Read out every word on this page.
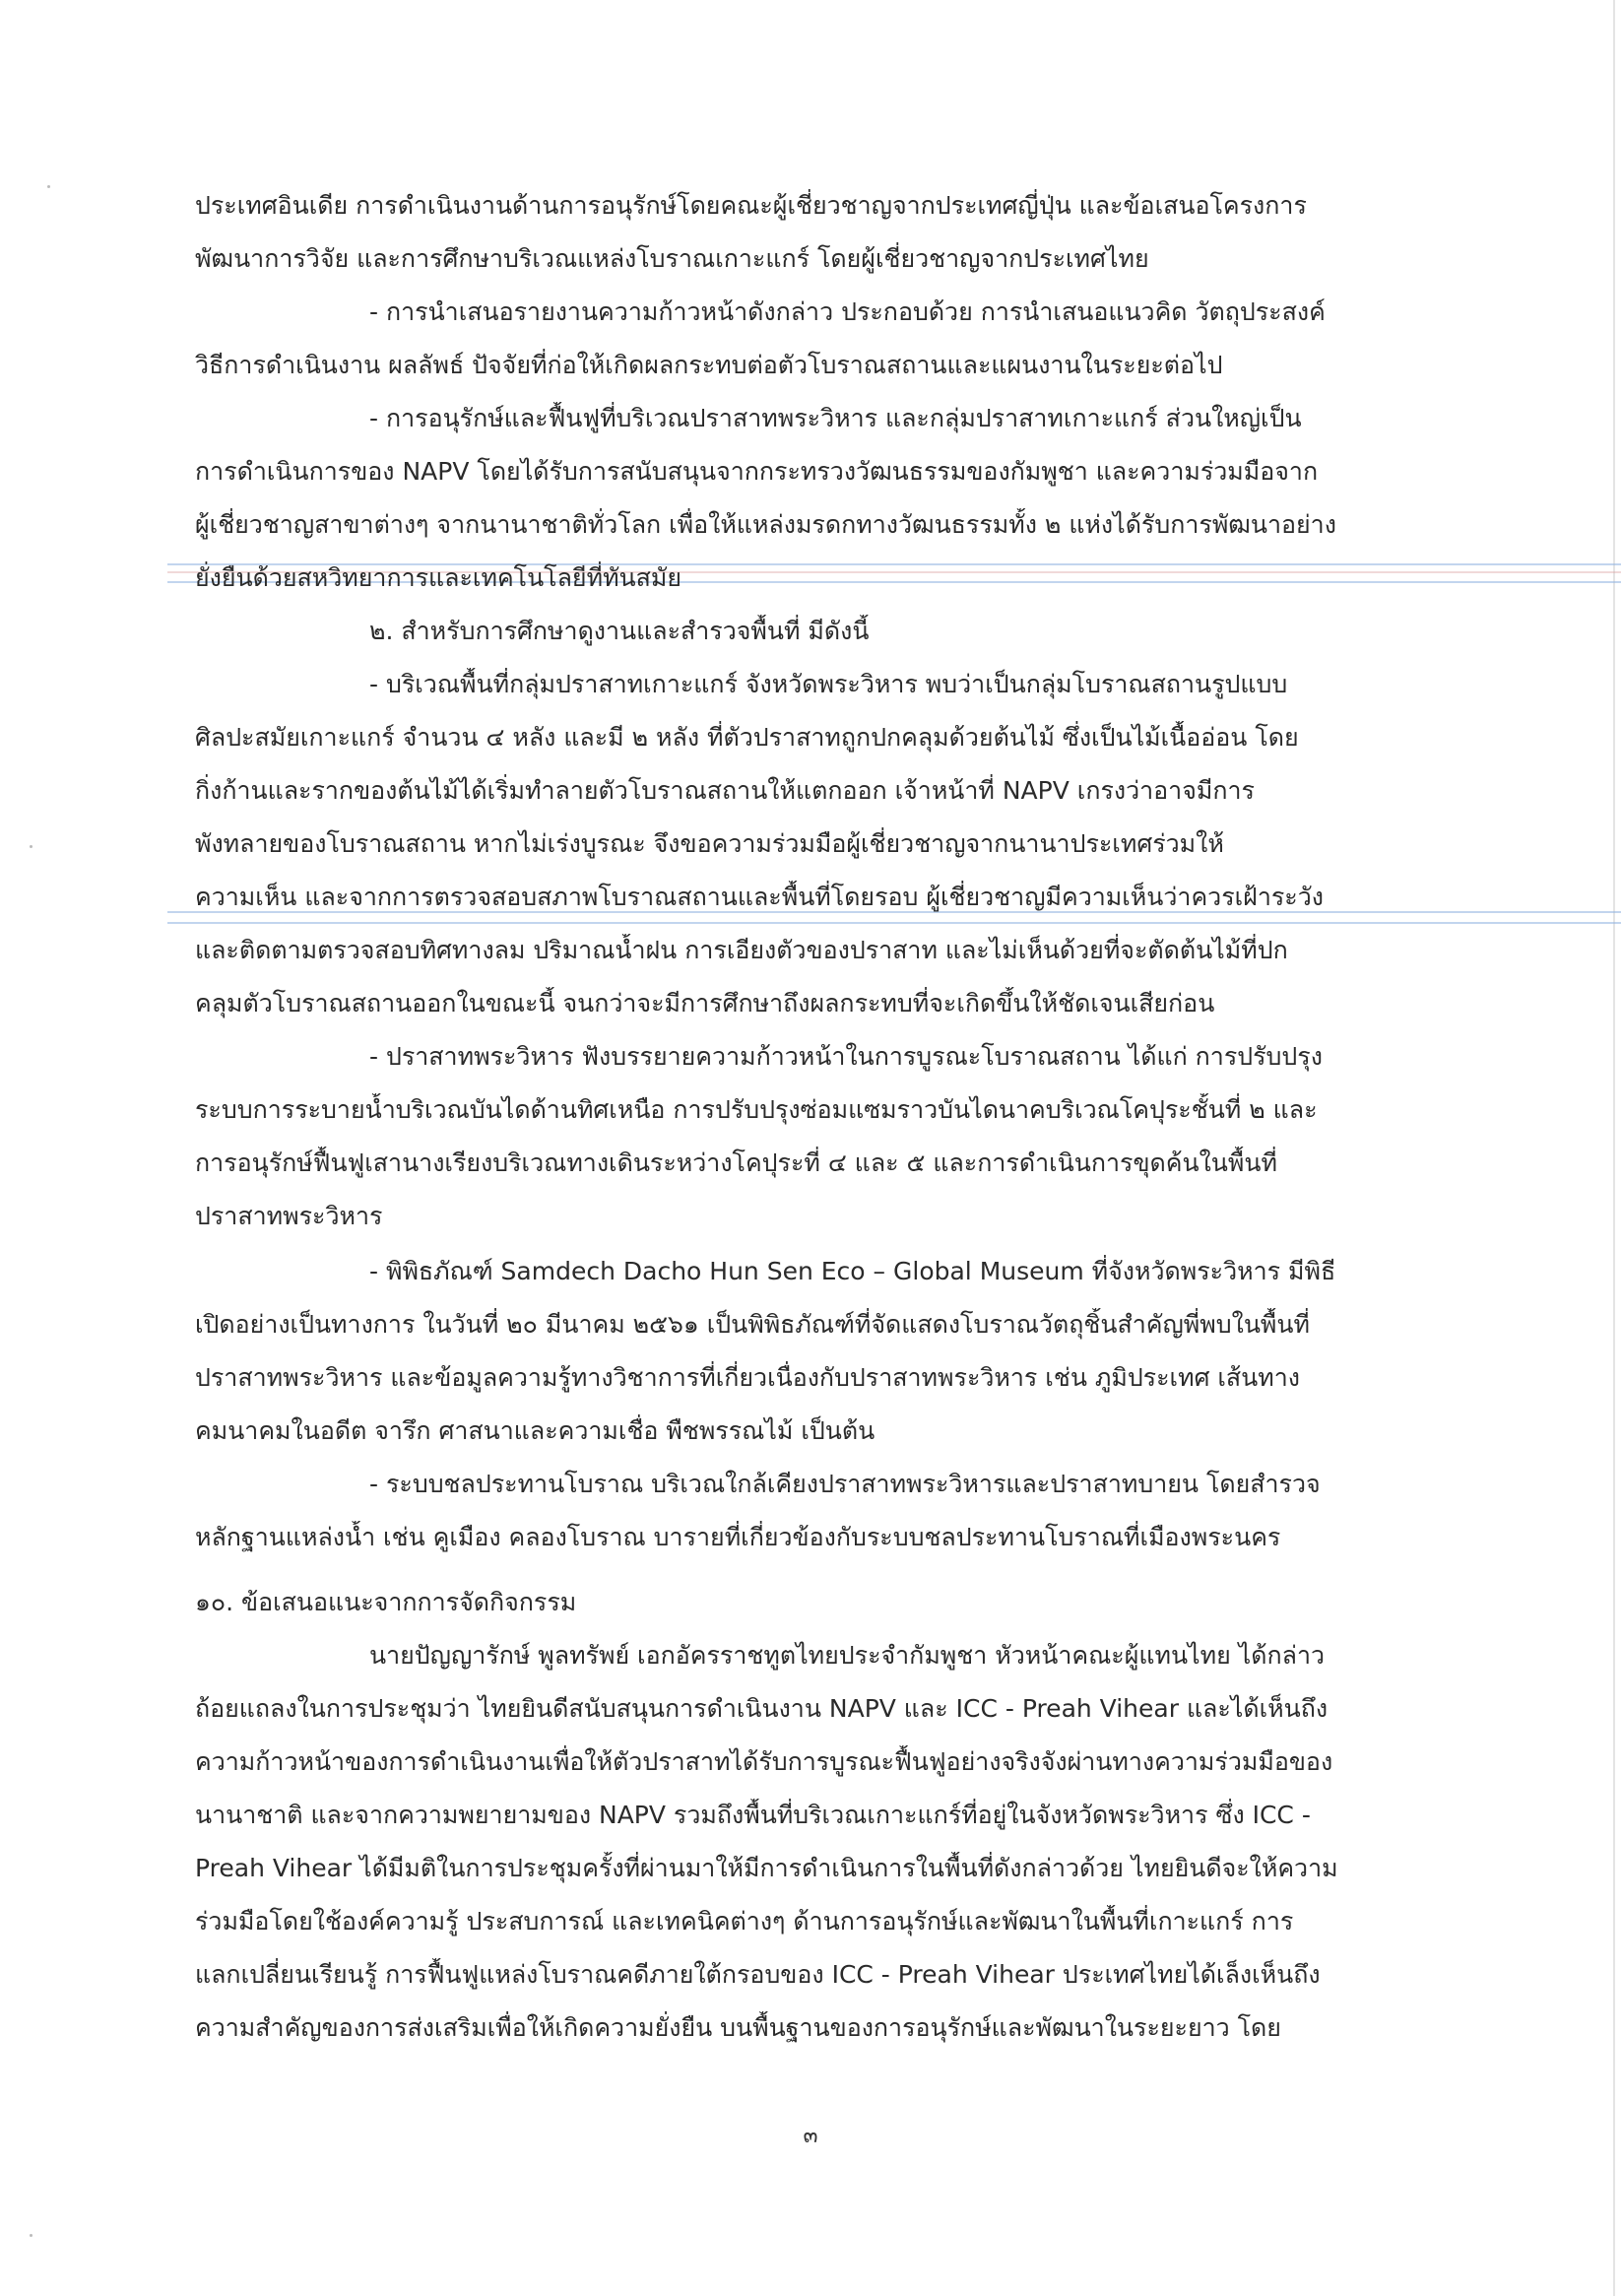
ประเทศอินเดีย การดำเนินงานด้านการอนุรักษ์โดยคณะผู้เชี่ยวชาญจากประเทศญี่ปุ่น และข้อเสนอโครงการ
พัฒนาการวิจัย และการศึกษาบริเวณแหล่งโบราณเกาะแกร์ โดยผู้เชี่ยวชาญจากประเทศไทย
- การนำเสนอรายงานความก้าวหน้าดังกล่าว ประกอบด้วย การนำเสนอแนวคิด วัตถุประสงค์
วิธีการดำเนินงาน ผลลัพธ์ ปัจจัยที่ก่อให้เกิดผลกระทบต่อตัวโบราณสถานและแผนงานในระยะต่อไป
- การอนุรักษ์และฟื้นฟูที่บริเวณปราสาทพระวิหาร และกลุ่มปราสาทเกาะแกร์ ส่วนใหญ่เป็น
การดำเนินการของ NAPV โดยได้รับการสนับสนุนจากกระทรวงวัฒนธรรมของกัมพูชา และความร่วมมือจาก
ผู้เชี่ยวชาญสาขาต่างๆ จากนานาชาติทั่วโลก เพื่อให้แหล่งมรดกทางวัฒนธรรมทั้ง ๒ แห่งได้รับการพัฒนาอย่าง
ยั่งยืนด้วยสหวิทยาการและเทคโนโลยีที่ทันสมัย
๒. สำหรับการศึกษาดูงานและสำรวจพื้นที่ มีดังนี้
- บริเวณพื้นที่กลุ่มปราสาทเกาะแกร์ จังหวัดพระวิหาร พบว่าเป็นกลุ่มโบราณสถานรูปแบบ
ศิลปะสมัยเกาะแกร์ จำนวน ๔ หลัง และมี ๒ หลัง ที่ตัวปราสาทถูกปกคลุมด้วยต้นไม้ ซึ่งเป็นไม้เนื้ออ่อน โดย
กิ่งก้านและรากของต้นไม้ได้เริ่มทำลายตัวโบราณสถานให้แตกออก เจ้าหน้าที่ NAPV เกรงว่าอาจมีการ
พังทลายของโบราณสถาน หากไม่เร่งบูรณะ จึงขอความร่วมมือผู้เชี่ยวชาญจากนานาประเทศร่วมให้
ความเห็น และจากการตรวจสอบสภาพโบราณสถานและพื้นที่โดยรอบ ผู้เชี่ยวชาญมีความเห็นว่าควรเฝ้าระวัง
และติดตามตรวจสอบทิศทางลม ปริมาณน้ำฝน การเอียงตัวของปราสาท และไม่เห็นด้วยที่จะตัดต้นไม้ที่ปก
คลุมตัวโบราณสถานออกในขณะนี้ จนกว่าจะมีการศึกษาถึงผลกระทบที่จะเกิดขึ้นให้ชัดเจนเสียก่อน
- ปราสาทพระวิหาร ฟังบรรยายความก้าวหน้าในการบูรณะโบราณสถาน ได้แก่ การปรับปรุง
ระบบการระบายน้ำบริเวณบันไดด้านทิศเหนือ การปรับปรุงซ่อมแซมราวบันไดนาคบริเวณโคปุระชั้นที่ ๒ และ
การอนุรักษ์ฟื้นฟูเสานางเรียงบริเวณทางเดินระหว่างโคปุระที่ ๔ และ ๕ และการดำเนินการขุดค้นในพื้นที่
ปราสาทพระวิหาร
- พิพิธภัณฑ์ Samdech Dacho Hun Sen Eco – Global Museum ที่จังหวัดพระวิหาร มีพิธี
เปิดอย่างเป็นทางการ ในวันที่ ๒๐ มีนาคม ๒๕๖๑ เป็นพิพิธภัณฑ์ที่จัดแสดงโบราณวัตถุชิ้นสำคัญพี่พบในพื้นที่
ปราสาทพระวิหาร และข้อมูลความรู้ทางวิชาการที่เกี่ยวเนื่องกับปราสาทพระวิหาร เช่น ภูมิประเทศ เส้นทาง
คมนาคมในอดีต จารึก ศาสนาและความเชื่อ พืชพรรณไม้ เป็นต้น
- ระบบชลประทานโบราณ บริเวณใกล้เคียงปราสาทพระวิหารและปราสาทบายน โดยสำรวจ
หลักฐานแหล่งน้ำ เช่น คูเมือง คลองโบราณ บารายที่เกี่ยวข้องกับระบบชลประทานโบราณที่เมืองพระนคร
๑๐. ข้อเสนอแนะจากการจัดกิจกรรม
นายปัญญารักษ์ พูลทรัพย์ เอกอัครราชทูตไทยประจำกัมพูชา หัวหน้าคณะผู้แทนไทย ได้กล่าว
ถ้อยแถลงในการประชุมว่า ไทยยินดีสนับสนุนการดำเนินงาน NAPV และ ICC - Preah Vihear และได้เห็นถึง
ความก้าวหน้าของการดำเนินงานเพื่อให้ตัวปราสาทได้รับการบูรณะฟื้นฟูอย่างจริงจังผ่านทางความร่วมมือของ
นานาชาติ และจากความพยายามของ NAPV รวมถึงพื้นที่บริเวณเกาะแกร์ที่อยู่ในจังหวัดพระวิหาร ซึ่ง ICC -
Preah Vihear ได้มีมติในการประชุมครั้งที่ผ่านมาให้มีการดำเนินการในพื้นที่ดังกล่าวด้วย ไทยยินดีจะให้ความ
ร่วมมือโดยใช้องค์ความรู้ ประสบการณ์ และเทคนิคต่างๆ ด้านการอนุรักษ์และพัฒนาในพื้นที่เกาะแกร์ การ
แลกเปลี่ยนเรียนรู้ การฟื้นฟูแหล่งโบราณคดีภายใต้กรอบของ ICC - Preah Vihear ประเทศไทยได้เล็งเห็นถึง
ความสำคัญของการส่งเสริมเพื่อให้เกิดความยั่งยืน บนพื้นฐานของการอนุรักษ์และพัฒนาในระยะยาว โดย
๓
